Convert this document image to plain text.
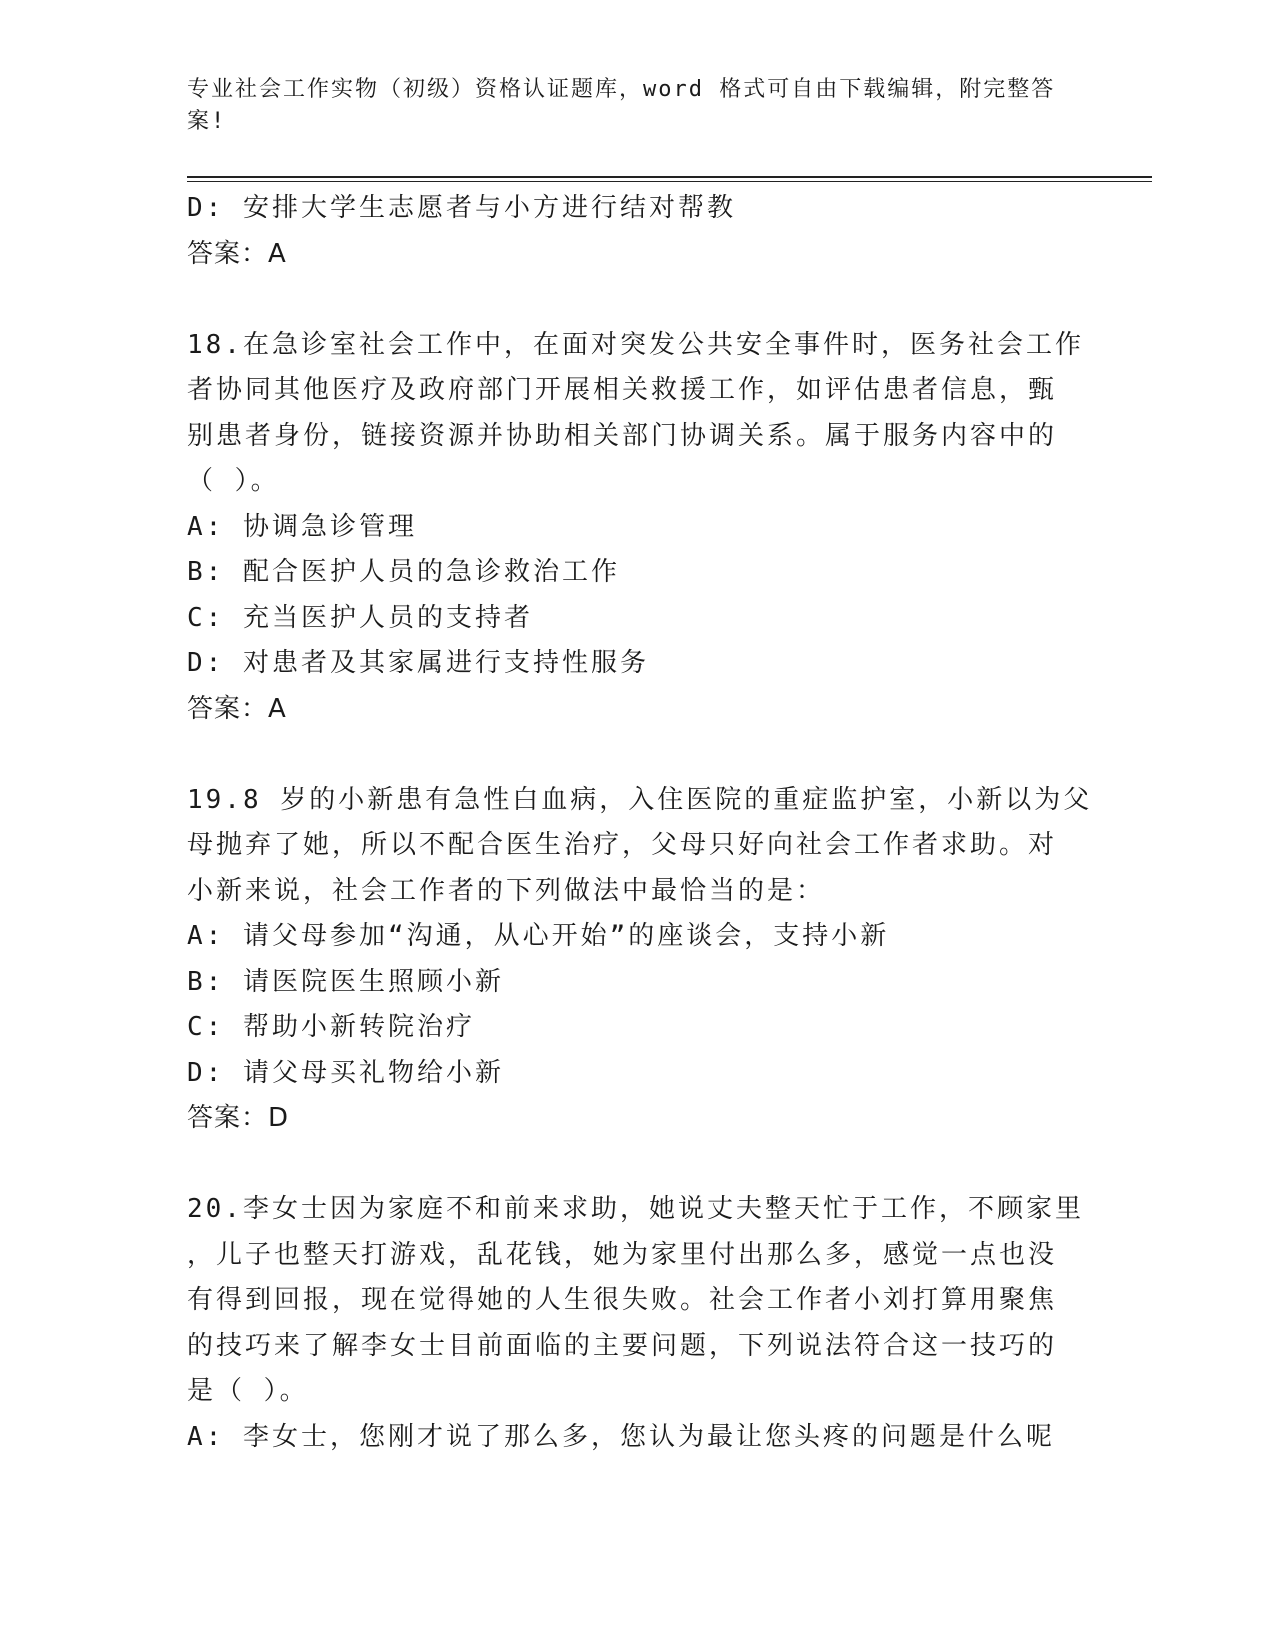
专业社会工作实物（初级）资格认证题库，word 格式可自由下载编辑，附完整答
案!
D: 安排大学生志愿者与小方进行结对帮教
答案：A
18.在急诊室社会工作中，在面对突发公共安全事件时，医务社会工作
者协同其他医疗及政府部门开展相关救援工作，如评估患者信息，甄
别患者身份，链接资源并协助相关部门协调关系。属于服务内容中的
（ ）。
A: 协调急诊管理
B: 配合医护人员的急诊救治工作
C: 充当医护人员的支持者
D: 对患者及其家属进行支持性服务
答案：A
19.8 岁的小新患有急性白血病，入住医院的重症监护室，小新以为父
母抛弃了她，所以不配合医生治疗，父母只好向社会工作者求助。对
小新来说，社会工作者的下列做法中最恰当的是：
A: 请父母参加“沟通，从心开始”的座谈会，支持小新
B: 请医院医生照顾小新
C: 帮助小新转院治疗
D: 请父母买礼物给小新
答案：D
20.李女士因为家庭不和前来求助，她说丈夫整天忙于工作，不顾家里
，儿子也整天打游戏，乱花钱，她为家里付出那么多，感觉一点也没
有得到回报，现在觉得她的人生很失败。社会工作者小刘打算用聚焦
的技巧来了解李女士目前面临的主要问题，下列说法符合这一技巧的
是（ ）。
A: 李女士，您刚才说了那么多，您认为最让您头疼的问题是什么呢
